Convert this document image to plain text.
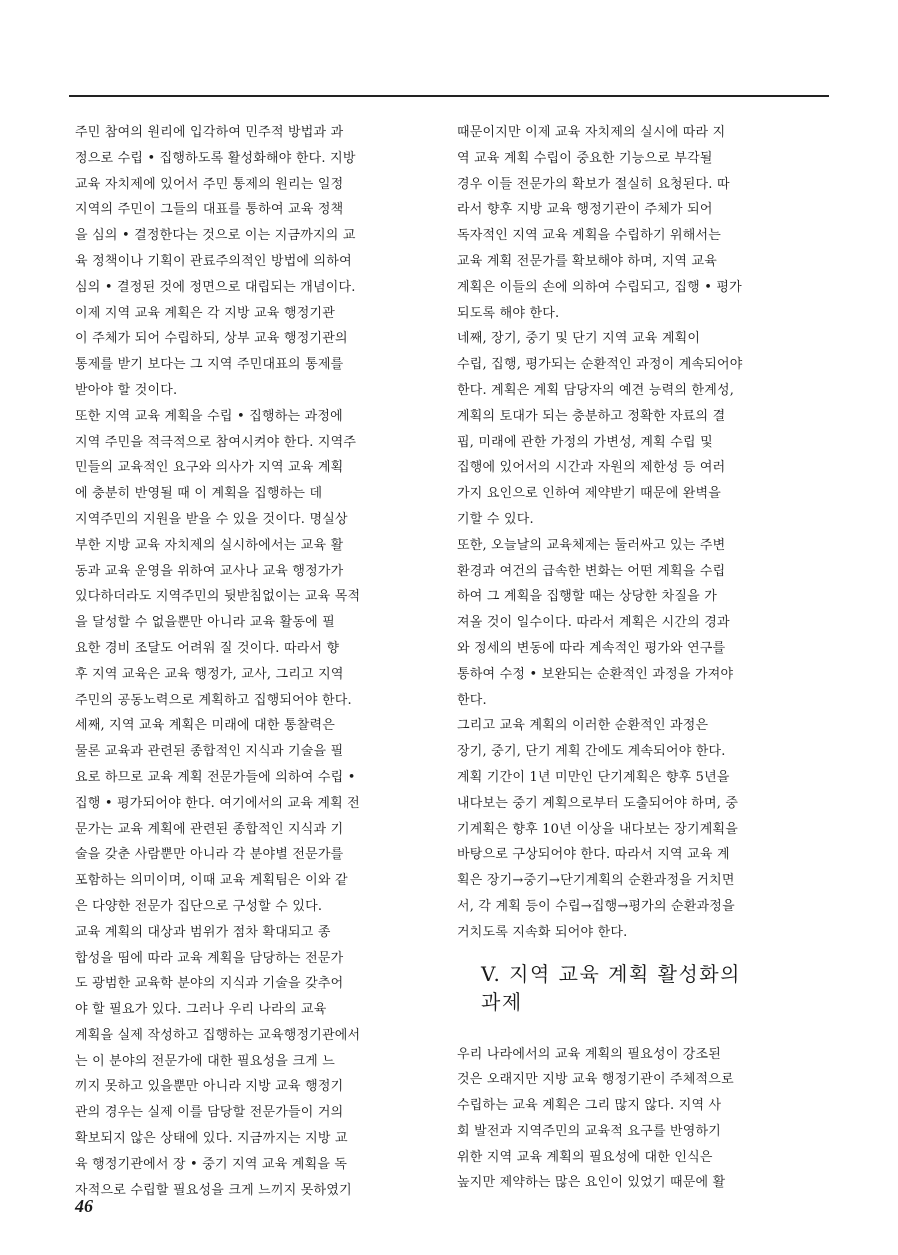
주민 참여의 원리에 입각하여 민주적 방법과 과
정으로 수립 • 집행하도록 활성화해야 한다. 지방
교육 자치제에 있어서 주민 통제의 원리는 일정
지역의 주민이 그들의 대표를 통하여 교육 정책
을 심의 • 결정한다는 것으로 이는 지금까지의 교
육 정책이나 기획이 관료주의적인 방법에 의하여
심의 • 결정된 것에 정면으로 대립되는 개념이다.
이제 지역 교육 계획은 각 지방 교육 행정기관
이 주체가 되어 수립하되, 상부 교육 행정기관의
통제를 받기 보다는 그 지역 주민대표의 통제를
받아야 할 것이다.

또한 지역 교육 계획을 수립 • 집행하는 과정에
지역 주민을 적극적으로 참여시켜야 한다. 지역주
민들의 교육적인 요구와 의사가 지역 교육 계획
에 충분히 반영될 때 이 계획을 집행하는 데
지역주민의 지원을 받을 수 있을 것이다. 명실상
부한 지방 교육 자치제의 실시하에서는 교육 활
동과 교육 운영을 위하여 교사나 교육 행정가가
있다하더라도 지역주민의 뒷받침없이는 교육 목적
을 달성할 수 없을뿐만 아니라 교육 활동에 필
요한 경비 조달도 어려워 질 것이다. 따라서 향
후 지역 교육은 교육 행정가, 교사, 그리고 지역
주민의 공동노력으로 계획하고 집행되어야 한다.

세째, 지역 교육 계획은 미래에 대한 통찰력은
물론 교육과 관련된 종합적인 지식과 기술을 필
요로 하므로 교육 계획 전문가들에 의하여 수립 •
집행 • 평가되어야 한다. 여기에서의 교육 계획 전
문가는 교육 계획에 관련된 종합적인 지식과 기
술을 갖춘 사람뿐만 아니라 각 분야별 전문가를
포함하는 의미이며, 이때 교육 계획팀은 이와 같
은 다양한 전문가 집단으로 구성할 수 있다.

교육 계획의 대상과 범위가 점차 확대되고 종
합성을 띰에 따라 교육 계획을 담당하는 전문가
도 광범한 교육학 분야의 지식과 기술을 갖추어
야 할 필요가 있다. 그러나 우리 나라의 교육
계획을 실제 작성하고 집행하는 교육행정기관에서
는 이 분야의 전문가에 대한 필요성을 크게 느
끼지 못하고 있을뿐만 아니라 지방 교육 행정기
관의 경우는 실제 이를 담당할 전문가들이 거의
확보되지 않은 상태에 있다. 지금까지는 지방 교
육 행정기관에서 장 • 중기 지역 교육 계획을 독
자적으로 수립할 필요성을 크게 느끼지 못하였기

때문이지만 이제 교육 자치제의 실시에 따라 지
역 교육 계획 수립이 중요한 기능으로 부각될
경우 이들 전문가의 확보가 절실히 요청된다. 따
라서 향후 지방 교육 행정기관이 주체가 되어
독자적인 지역 교육 계획을 수립하기 위해서는
교육 계획 전문가를 확보해야 하며, 지역 교육
계획은 이들의 손에 의하여 수립되고, 집행 • 평가
되도록 해야 한다.

네째, 장기, 중기 및 단기 지역 교육 계획이
수립, 집행, 평가되는 순환적인 과정이 계속되어야
한다. 계획은 계획 담당자의 예견 능력의 한계성,
계획의 토대가 되는 충분하고 정확한 자료의 결
핍, 미래에 관한 가정의 가변성, 계획 수립 및
집행에 있어서의 시간과 자원의 제한성 등 여러
가지 요인으로 인하여 제약받기 때문에 완벽을
기할 수 있다.

또한, 오늘날의 교육체제는 둘러싸고 있는 주변
환경과 여건의 급속한 변화는 어떤 계획을 수립
하여 그 계획을 집행할 때는 상당한 차질을 가
져올 것이 일수이다. 따라서 계획은 시간의 경과
와 정세의 변동에 따라 계속적인 평가와 연구를
통하여 수정 • 보완되는 순환적인 과정을 가져야
한다.

그리고 교육 계획의 이러한 순환적인 과정은
장기, 중기, 단기 계획 간에도 계속되어야 한다.
계획 기간이 1년 미만인 단기계획은 향후 5년을
내다보는 중기 계획으로부터 도출되어야 하며, 중
기계획은 향후 10년 이상을 내다보는 장기계획을
바탕으로 구상되어야 한다. 따라서 지역 교육 계
획은 장기→중기→단기계획의 순환과정을 거치면
서, 각 계획 등이 수립→집행→평가의 순환과정을
거치도록 지속화 되어야 한다.

V. 지역 교육 계획 활성화의
과제

우리 나라에서의 교육 계획의 필요성이 강조된
것은 오래지만 지방 교육 행정기관이 주체적으로
수립하는 교육 계획은 그리 많지 않다. 지역 사
회 발전과 지역주민의 교육적 요구를 반영하기
위한 지역 교육 계획의 필요성에 대한 인식은
높지만 제약하는 많은 요인이 있었기 때문에 활

46
